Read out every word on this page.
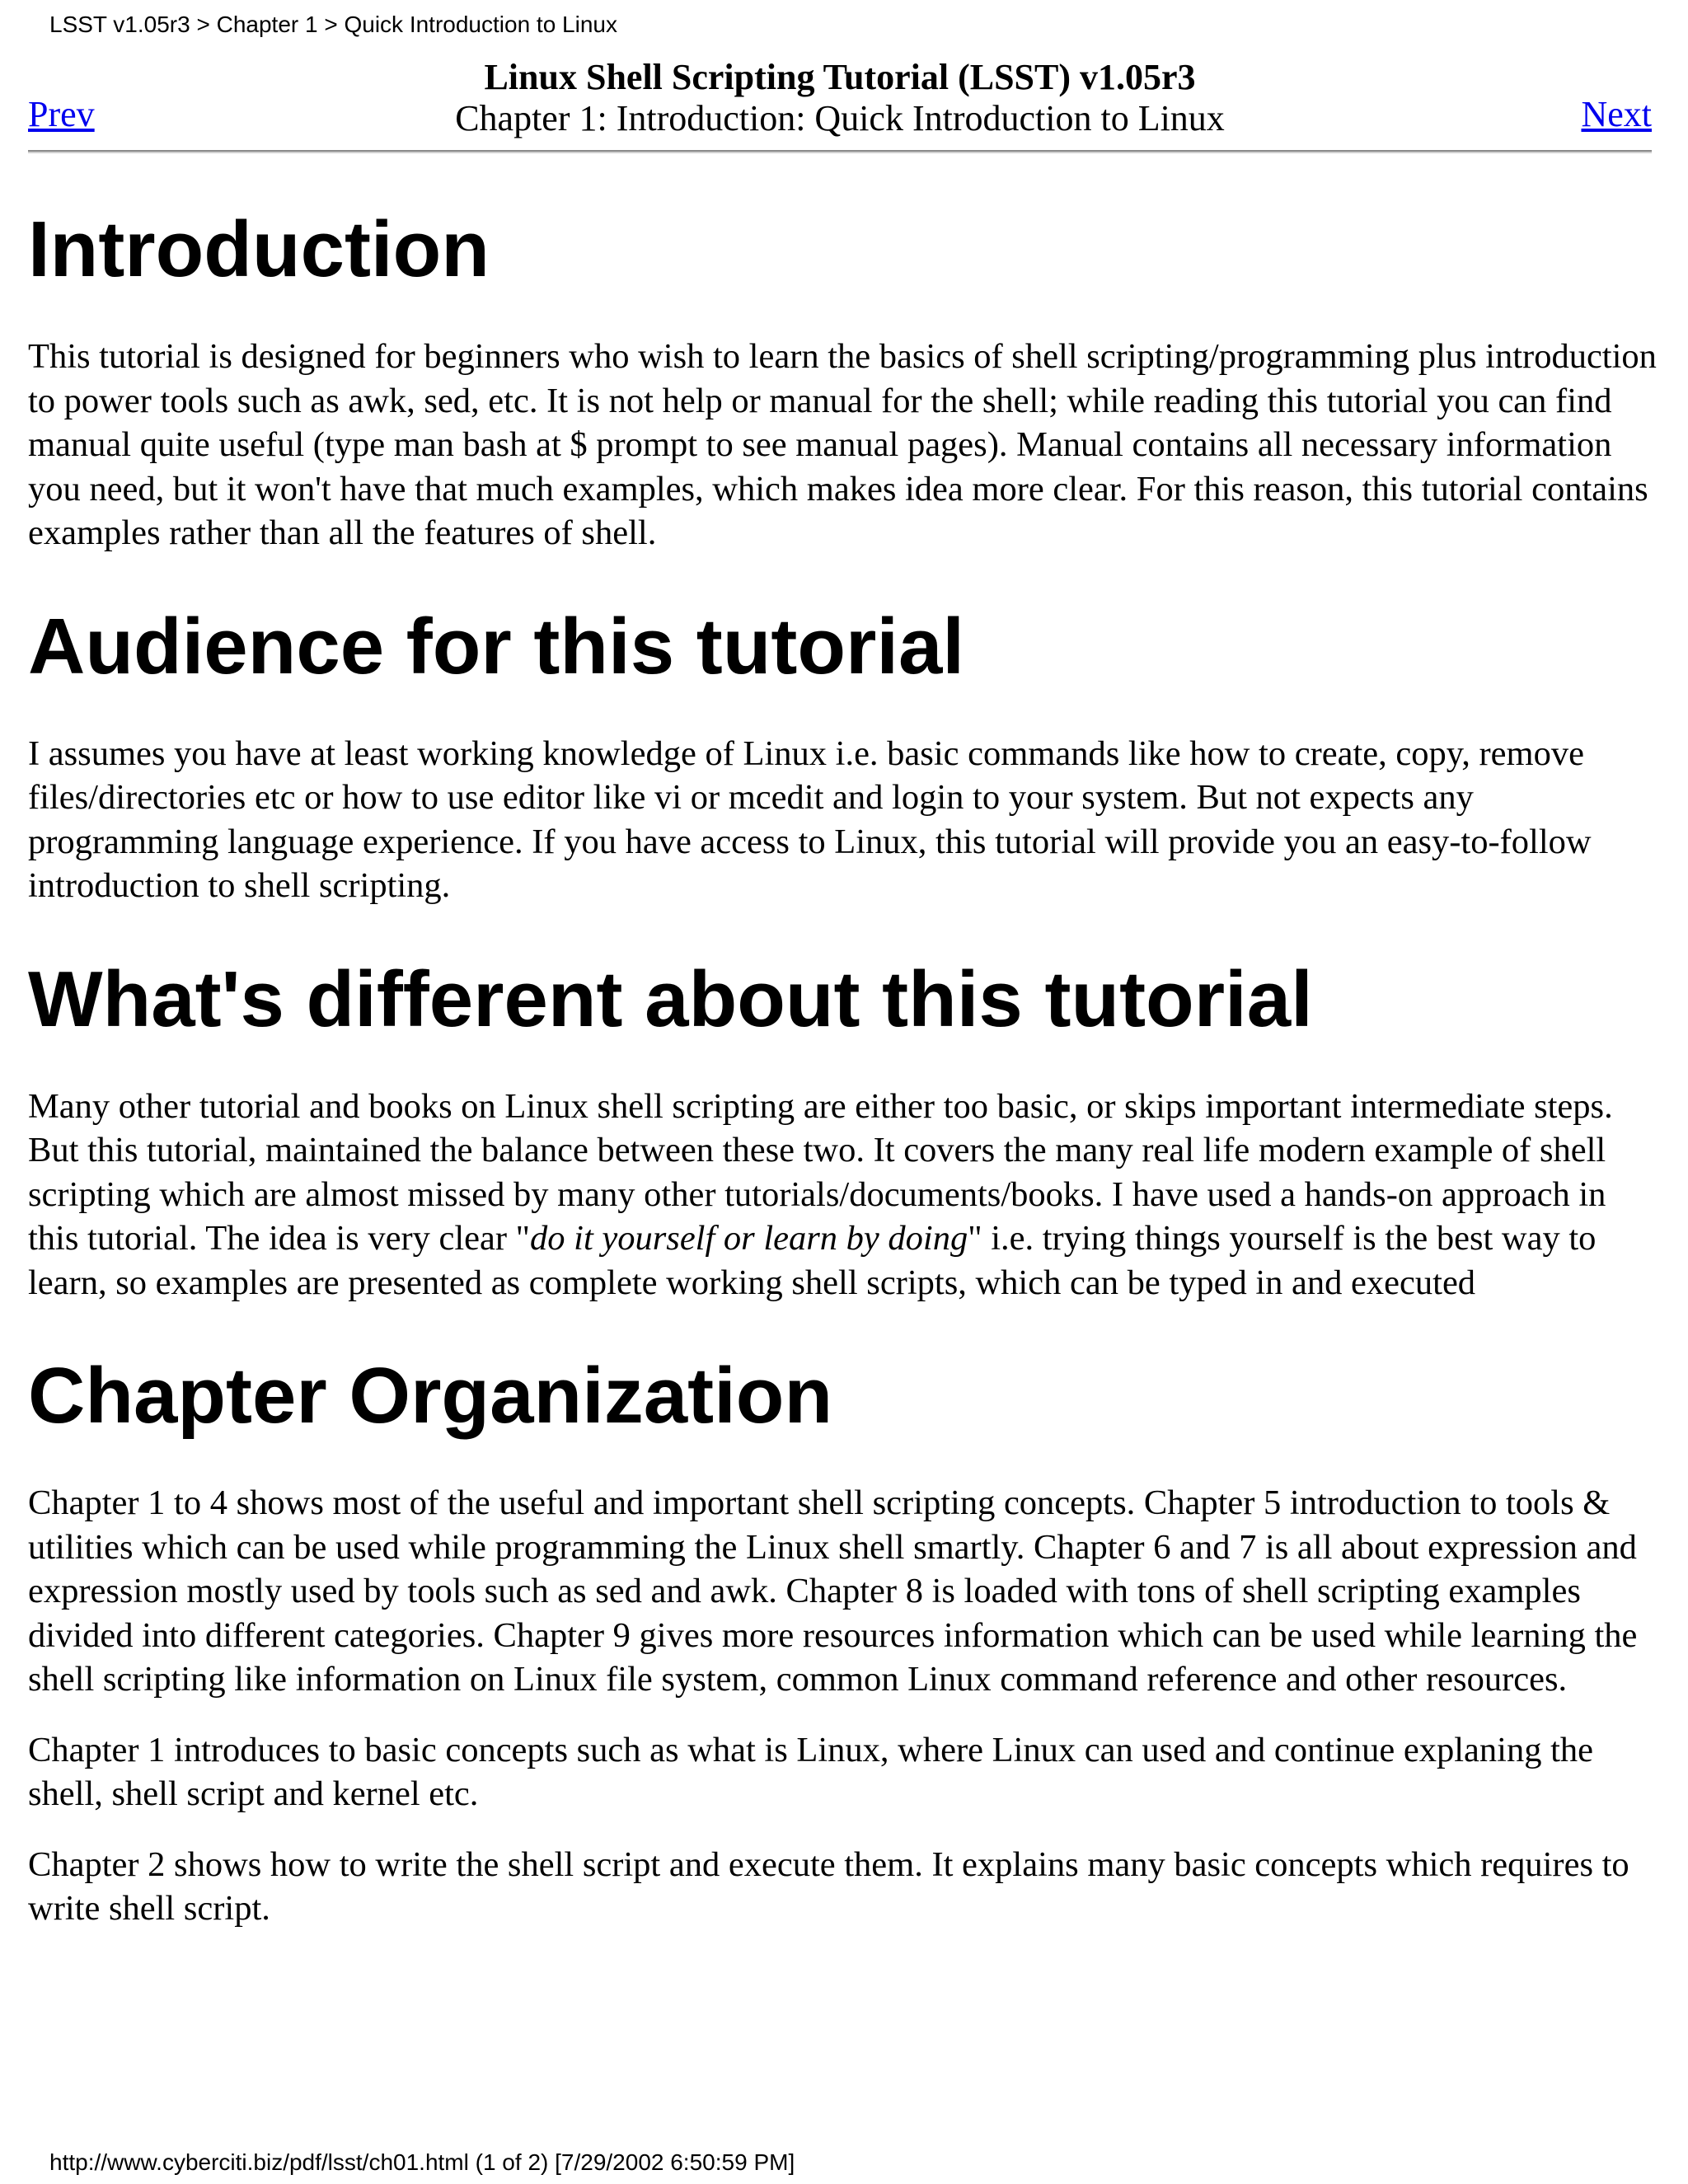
LSST v1.05r3 > Chapter 1 > Quick Introduction to Linux
Prev
Linux Shell Scripting Tutorial (LSST) v1.05r3
Chapter 1: Introduction: Quick Introduction to Linux	Next
Introduction

This tutorial is designed for beginners who wish to learn the basics of shell scripting/programming plus introduction to power tools such as awk, sed, etc. It is not help or manual for the shell; while reading this tutorial you can find manual quite useful (type man bash at $ prompt to see manual pages). Manual contains all necessary information you need, but it won't have that much examples, which makes idea more clear. For this reason, this tutorial contains examples rather than all the features of shell.

Audience for this tutorial

I assumes you have at least working knowledge of Linux i.e. basic commands like how to create, copy, remove files/directories etc or how to use editor like vi or mcedit and login to your system. But not expects any programming language experience. If you have access to Linux, this tutorial will provide you an easy-to-follow introduction to shell scripting.

What's different about this tutorial

Many other tutorial and books on Linux shell scripting are either too basic, or skips important intermediate steps. But this tutorial, maintained the balance between these two. It covers the many real life modern example of shell scripting which are almost missed by many other tutorials/documents/books. I have used a hands-on approach in this tutorial. The idea is very clear "do it yourself or learn by doing" i.e. trying things yourself is the best way to learn, so examples are presented as complete working shell scripts, which can be typed in and executed

Chapter Organization

Chapter 1 to 4 shows most of the useful and important shell scripting concepts. Chapter 5 introduction to tools & utilities which can be used while programming the Linux shell smartly. Chapter 6 and 7 is all about expression and expression mostly used by tools such as sed and awk. Chapter 8 is loaded with tons of shell scripting examples divided into different categories. Chapter 9 gives more resources information which can be used while learning the shell scripting like information on Linux file system, common Linux command reference and other resources.

Chapter 1 introduces to basic concepts such as what is Linux, where Linux can used and continue explaning the shell, shell script and kernel etc.

Chapter 2 shows how to write the shell script and execute them. It explains many basic concepts which requires to write shell script.

http://www.cyberciti.biz/pdf/lsst/ch01.html (1 of 2) [7/29/2002 6:50:59 PM]
